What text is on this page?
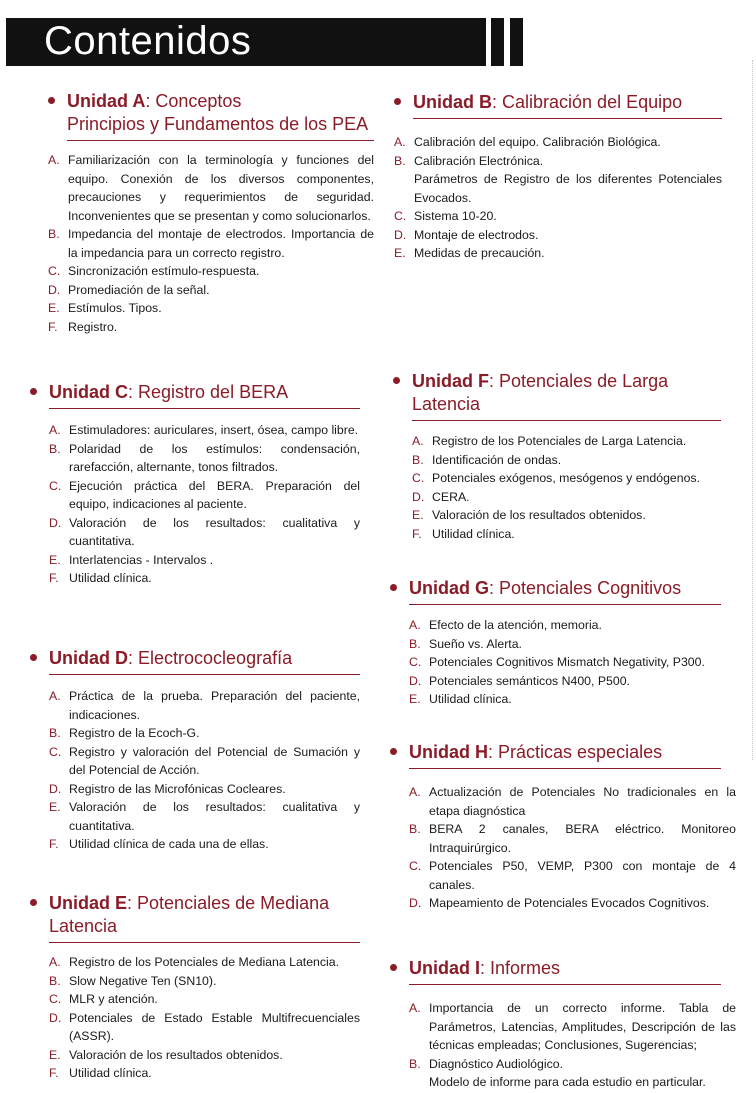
Contenidos
Unidad A: Conceptos
Principios y Fundamentos de los PEA
A. Familiarización con la terminología y funciones del equipo. Conexión de los diversos componentes, precauciones y requerimientos de seguridad. Inconvenientes que se presentan y como solucionarlos.
B. Impedancia del montaje de electrodos. Importancia de la impedancia para un correcto registro.
C. Sincronización estímulo-respuesta.
D. Promediación de la señal.
E. Estímulos. Tipos.
F. Registro.
Unidad B: Calibración del Equipo
A. Calibración del equipo. Calibración Biológica.
B. Calibración Electrónica.
Parámetros de Registro de los diferentes Potenciales Evocados.
C. Sistema 10-20.
D. Montaje de electrodos.
E. Medidas de precaución.
Unidad C: Registro del BERA
A. Estimuladores: auriculares, insert, ósea, campo libre.
B. Polaridad de los estímulos: condensación, rarefacción, alternante, tonos filtrados.
C. Ejecución práctica del BERA. Preparación del equipo, indicaciones al paciente.
D. Valoración de los resultados: cualitativa y cuantitativa.
E. Interlatencias - Intervalos .
F. Utilidad clínica.
Unidad D: Electrococleografía
A. Práctica de la prueba. Preparación del paciente, indicaciones.
B. Registro de la Ecoch-G.
C. Registro y valoración del Potencial de Sumación y del Potencial de Acción.
D. Registro de las Microfónicas Cocleares.
E. Valoración de los resultados: cualitativa y cuantitativa.
F. Utilidad clínica de cada una de ellas.
Unidad E: Potenciales de Mediana
Latencia
A. Registro de los Potenciales de Mediana Latencia.
B. Slow Negative Ten (SN10).
C. MLR y atención.
D. Potenciales de Estado Estable Multifrecuenciales (ASSR).
E. Valoración de los resultados obtenidos.
F. Utilidad clínica.
Unidad F: Potenciales de Larga
Latencia
A. Registro de los Potenciales de Larga Latencia.
B. Identificación de ondas.
C. Potenciales exógenos, mesógenos y endógenos.
D. CERA.
E. Valoración de los resultados obtenidos.
F. Utilidad clínica.
Unidad G: Potenciales Cognitivos
A. Efecto de la atención, memoria.
B. Sueño vs. Alerta.
C. Potenciales Cognitivos Mismatch Negativity, P300.
D. Potenciales semánticos N400, P500.
E. Utilidad clínica.
Unidad H: Prácticas especiales
A. Actualización de Potenciales No tradicionales en la etapa diagnóstica
B. BERA 2 canales, BERA eléctrico. Monitoreo Intraquirúrgico.
C. Potenciales P50, VEMP, P300 con montaje de 4 canales.
D. Mapeamiento de Potenciales Evocados Cognitivos.
Unidad I: Informes
A. Importancia de un correcto informe. Tabla de Parámetros, Latencias, Amplitudes, Descripción de las técnicas empleadas; Conclusiones, Sugerencias;
B. Diagnóstico Audiológico.
Modelo de informe para cada estudio en particular.
